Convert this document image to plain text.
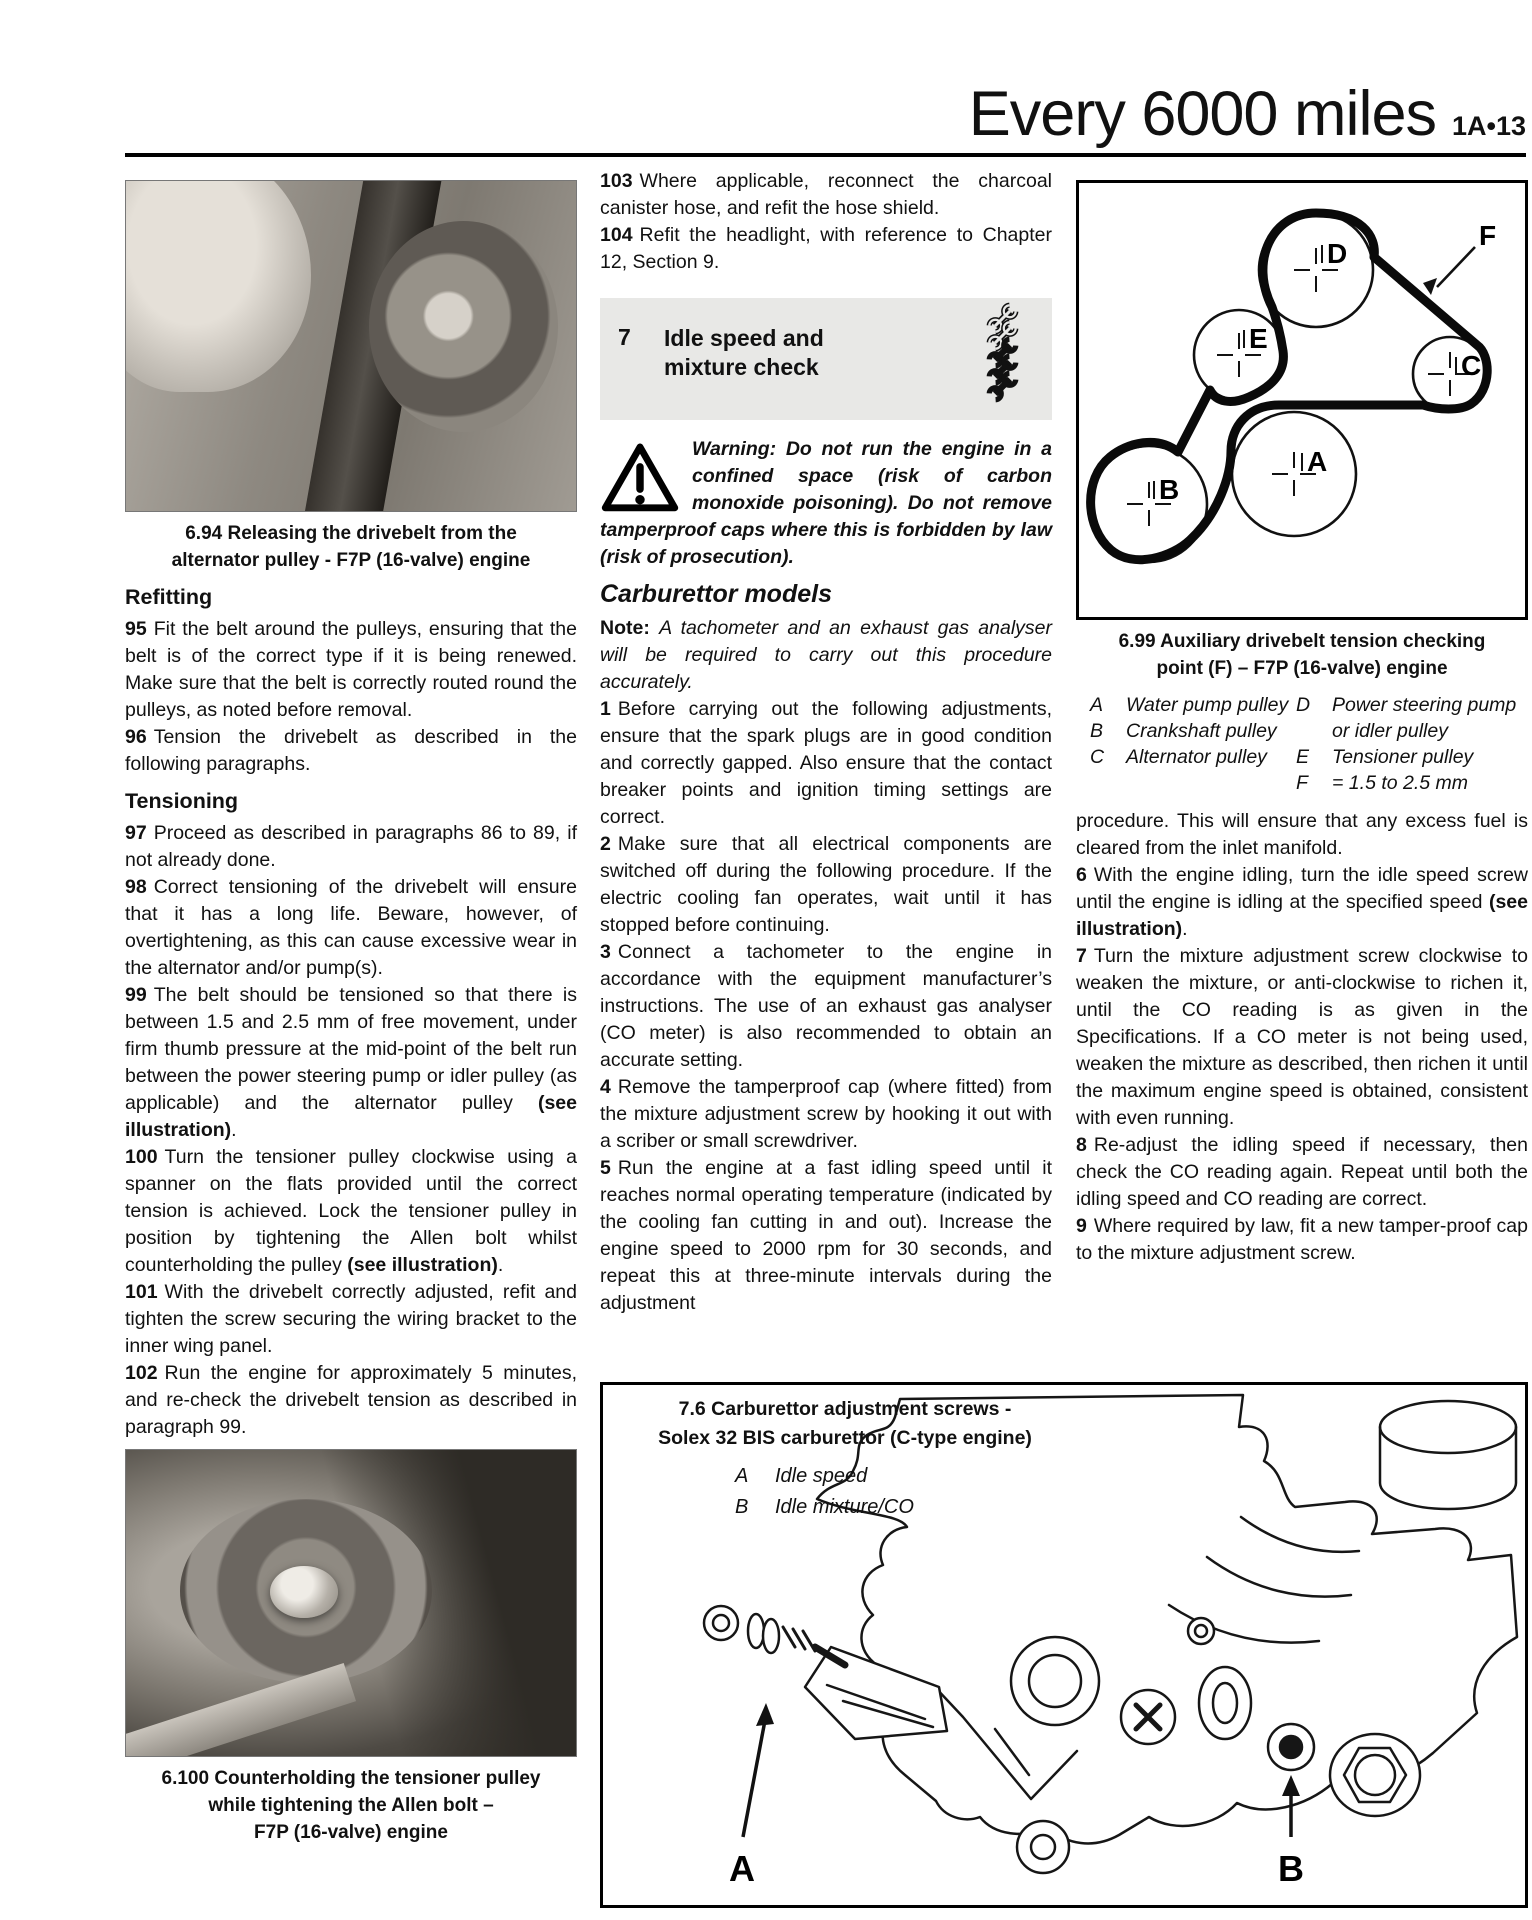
Every 6000 miles 1A•13
6.94 Releasing the drivebelt from the
alternator pulley - F7P (16-valve) engine
Refitting

95 Fit the belt around the pulleys, ensuring that the belt is of the correct type if it is being renewed. Make sure that the belt is correctly routed round the pulleys, as noted before removal.

96 Tension the drivebelt as described in the following paragraphs.

Tensioning

97 Proceed as described in paragraphs 86 to 89, if not already done.

98 Correct tensioning of the drivebelt will ensure that it has a long life. Beware, however, of overtightening, as this can cause excessive wear in the alternator and/or pump(s).

99 The belt should be tensioned so that there is between 1.5 and 2.5 mm of free movement, under firm thumb pressure at the mid-point of the belt run between the power steering pump or idler pulley (as applicable) and the alternator pulley (see illustration).

100 Turn the tensioner pulley clockwise using a spanner on the flats provided until the correct tension is achieved. Lock the tensioner pulley in position by tightening the Allen bolt whilst counterholding the pulley (see illustration).

101 With the drivebelt correctly adjusted, refit and tighten the screw securing the wiring bracket to the inner wing panel.

102 Run the engine for approximately 5 minutes, and re-check the drivebelt tension as described in paragraph 99.

6.100 Counterholding the tensioner pulley
while tightening the Allen bolt –
F7P (16-valve) engine

103 Where applicable, reconnect the charcoal canister hose, and refit the hose shield.

104 Refit the headlight, with reference to Chapter 12, Section 9.

7 Idle speed and mixture check

Warning: Do not run the engine in a confined space (risk of carbon monoxide poisoning). Do not remove tamperproof caps where this is forbidden by law (risk of prosecution).

Carburettor models

Note: A tachometer and an exhaust gas analyser will be required to carry out this procedure accurately.

1 Before carrying out the following adjustments, ensure that the spark plugs are in good condition and correctly gapped. Also ensure that the contact breaker points and ignition timing settings are correct.

2 Make sure that all electrical components are switched off during the following procedure. If the electric cooling fan operates, wait until it has stopped before continuing.

3 Connect a tachometer to the engine in accordance with the equipment manufacturer’s instructions. The use of an exhaust gas analyser (CO meter) is also recommended to obtain an accurate setting.

4 Remove the tamperproof cap (where fitted) from the mixture adjustment screw by hooking it out with a scriber or small screwdriver.

5 Run the engine at a fast idling speed until it reaches normal operating temperature (indicated by the cooling fan cutting in and out). Increase the engine speed to 2000 rpm for 30 seconds, and repeat this at three-minute intervals during the adjustment

D
E
C
B
A
F
6.99 Auxiliary drivebelt tension checking
point (F) – F7P (16-valve) engine
A	Water pump pulley
B	Crankshaft pulley
C	Alternator pulley
D	Power steering pump or idler pulley
E	Tensioner pulley
F	= 1.5 to 2.5 mm

procedure. This will ensure that any excess fuel is cleared from the inlet manifold.

6 With the engine idling, turn the idle speed screw until the engine is idling at the specified speed (see illustration).

7 Turn the mixture adjustment screw clockwise to weaken the mixture, or anti-clockwise to richen it, until the CO reading is as given in the Specifications. If a CO meter is not being used, weaken the mixture as described, then richen it until the maximum engine speed is obtained, consistent with even running.

8 Re-adjust the idling speed if necessary, then check the CO reading again. Repeat until both the idling speed and CO reading are correct.

9 Where required by law, fit a new tamper-proof cap to the mixture adjustment screw.

A	B
7.6 Carburettor adjustment screws -
Solex 32 BIS carburettor (C-type engine)
A	Idle speed
B	Idle mixture/CO
